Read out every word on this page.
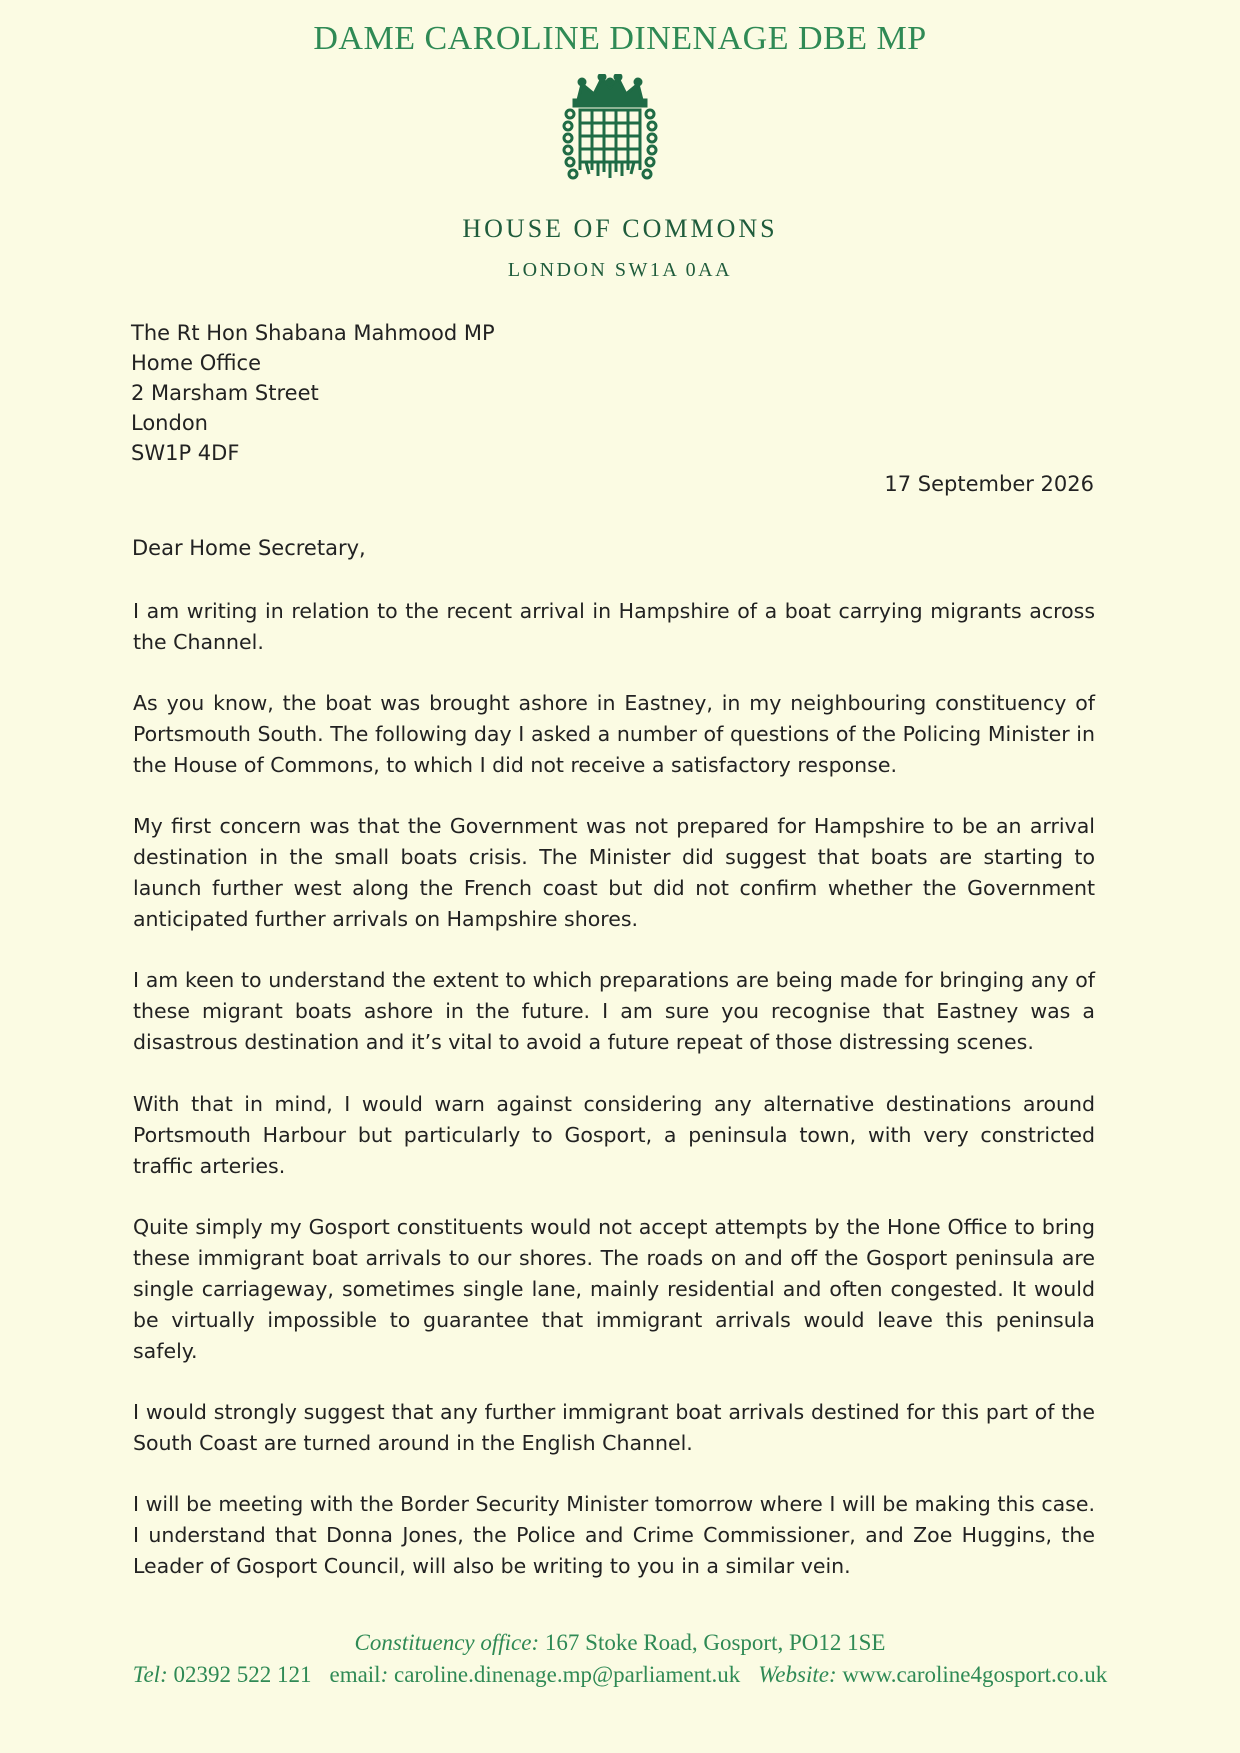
DAME CAROLINE DINENAGE DBE MP
HOUSE OF COMMONS
LONDON SW1A 0AA
The Rt Hon Shabana Mahmood MP
Home Office
2 Marsham Street
London
SW1P 4DF
17 September 2026
Dear Home Secretary,
I am writing in relation to the recent arrival in Hampshire of a boat carrying migrants across the Channel.
As you know, the boat was brought ashore in Eastney, in my neighbouring constituency of Portsmouth South. The following day I asked a number of questions of the Policing Minister in the House of Commons, to which I did not receive a satisfactory response.
My first concern was that the Government was not prepared for Hampshire to be an arrival destination in the small boats crisis. The Minister did suggest that boats are starting to launch further west along the French coast but did not confirm whether the Government anticipated further arrivals on Hampshire shores.
I am keen to understand the extent to which preparations are being made for bringing any of these migrant boats ashore in the future. I am sure you recognise that Eastney was a disastrous destination and it’s vital to avoid a future repeat of those distressing scenes.
With that in mind, I would warn against considering any alternative destinations around Portsmouth Harbour but particularly to Gosport, a peninsula town, with very constricted traffic arteries.
Quite simply my Gosport constituents would not accept attempts by the Hone Office to bring these immigrant boat arrivals to our shores. The roads on and off the Gosport peninsula are single carriageway, sometimes single lane, mainly residential and often congested. It would be virtually impossible to guarantee that immigrant arrivals would leave this peninsula safely.
I would strongly suggest that any further immigrant boat arrivals destined for this part of the South Coast are turned around in the English Channel.
I will be meeting with the Border Security Minister tomorrow where I will be making this case. I understand that Donna Jones, the Police and Crime Commissioner, and Zoe Huggins, the Leader of Gosport Council, will also be writing to you in a similar vein.
Constituency office: 167 Stoke Road, Gosport, PO12 1SE
Tel: 02392 522 121 email: caroline.dinenage.mp@parliament.uk Website: www.caroline4gosport.co.uk
